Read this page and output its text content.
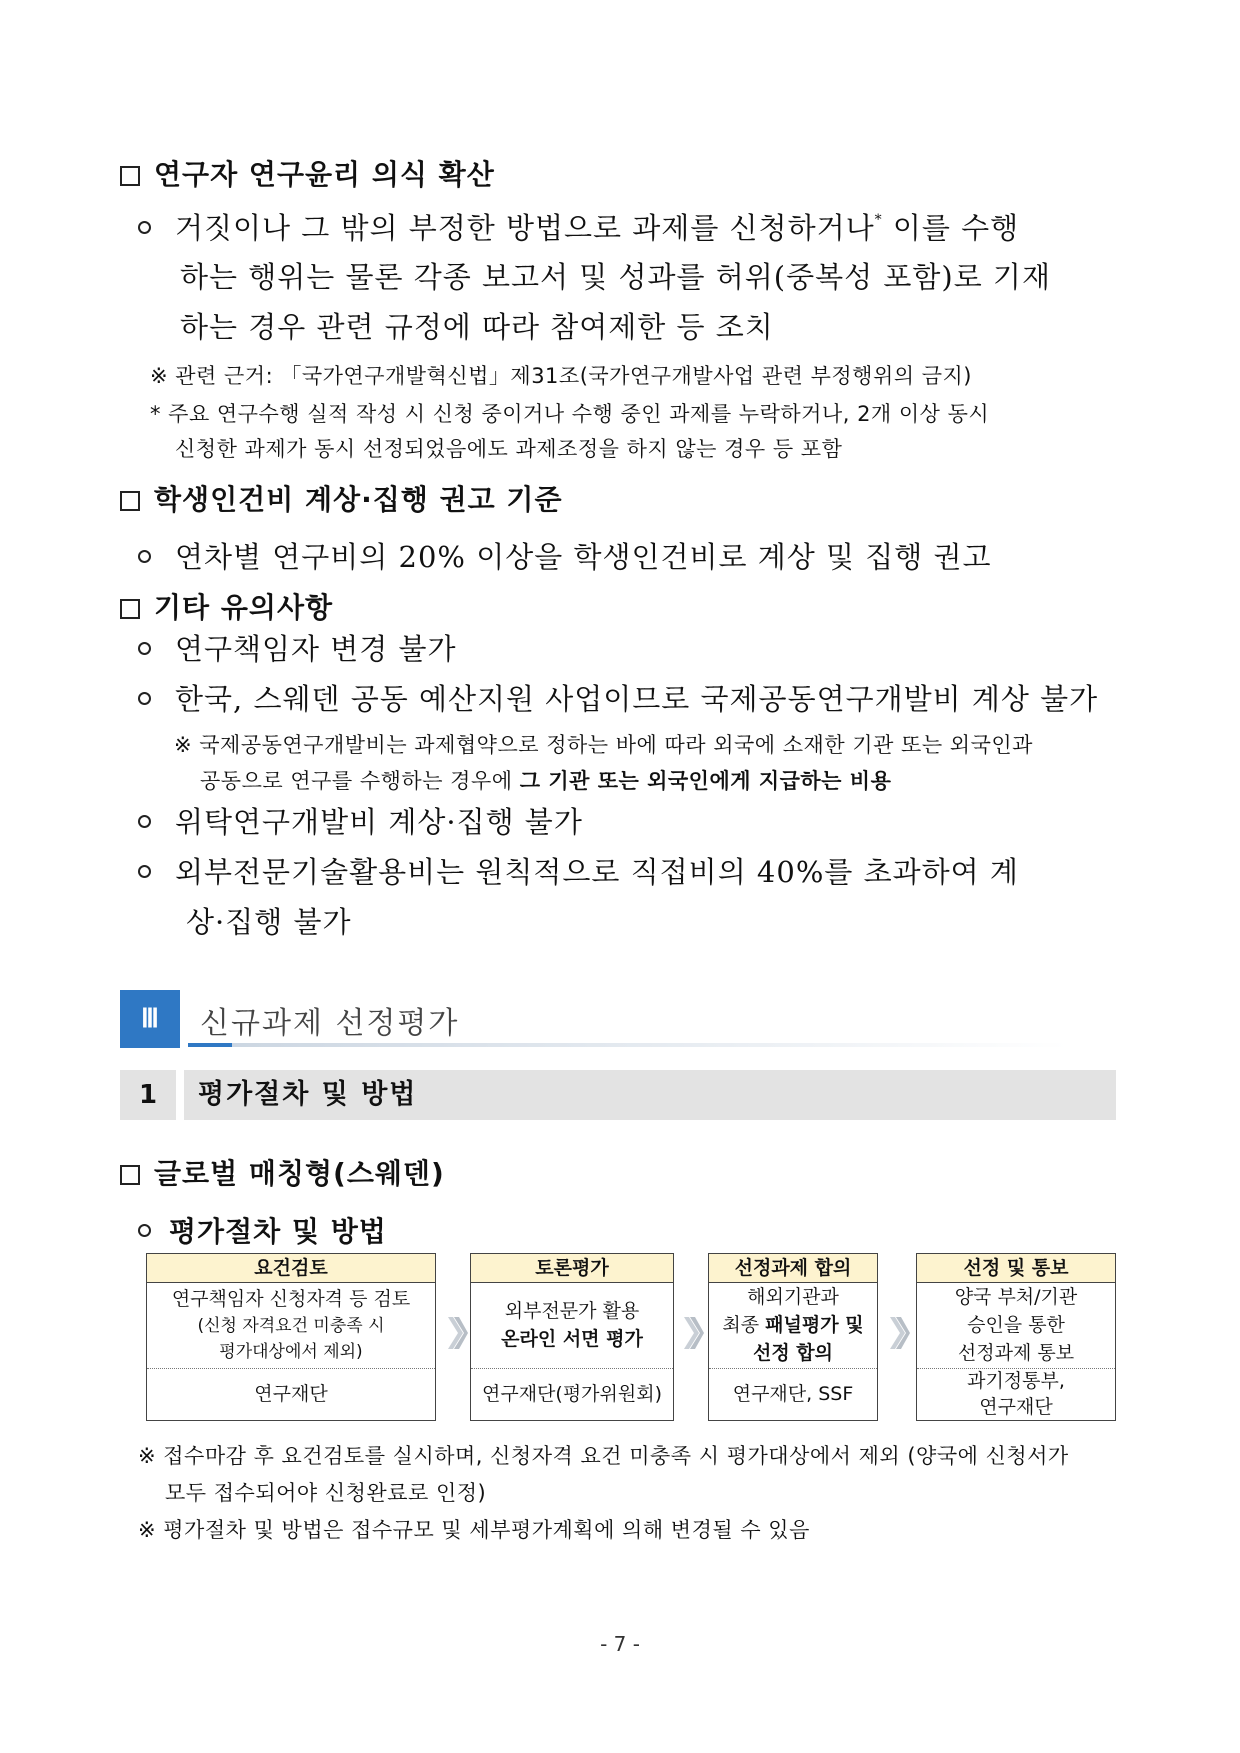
연구자 연구윤리 의식 확산
거짓이나 그 밖의 부정한 방법으로 과제를 신청하거나* 이를 수행
하는 행위는 물론 각종 보고서 및 성과를 허위(중복성 포함)로 기재
하는 경우 관련 규정에 따라 참여제한 등 조치
※ 관련 근거: 「국가연구개발혁신법」제31조(국가연구개발사업 관련 부정행위의 금지)
* 주요 연구수행 실적 작성 시 신청 중이거나 수행 중인 과제를 누락하거나, 2개 이상 동시
신청한 과제가 동시 선정되었음에도 과제조정을 하지 않는 경우 등 포함
학생인건비 계상·집행 권고 기준
연차별 연구비의 20% 이상을 학생인건비로 계상 및 집행 권고
기타 유의사항
연구책임자 변경 불가
한국, 스웨덴 공동 예산지원 사업이므로 국제공동연구개발비 계상 불가
※ 국제공동연구개발비는 과제협약으로 정하는 바에 따라 외국에 소재한 기관 또는 외국인과
공동으로 연구를 수행하는 경우에 그 기관 또는 외국인에게 지급하는 비용
위탁연구개발비 계상·집행 불가
외부전문기술활용비는 원칙적으로 직접비의 40%를 초과하여 계
상·집행 불가
Ⅲ	신규과제 선정평가
1	평가절차 및 방법
글로벌 매칭형(스웨덴)
평가절차 및 방법
요건검토
연구책임자 신청자격 등 검토
(신청 자격요건 미충족 시
평가대상에서 제외)
연구재단
토론평가
외부전문가 활용
온라인 서면 평가
연구재단(평가위원회)
선정과제 합의
해외기관과
최종 패널평가 및
선정 합의
연구재단, SSF
선정 및 통보
양국 부처/기관
승인을 통한
선정과제 통보
과기정통부,
연구재단
※ 접수마감 후 요건검토를 실시하며, 신청자격 요건 미충족 시 평가대상에서 제외 (양국에 신청서가
모두 접수되어야 신청완료로 인정)
※ 평가절차 및 방법은 접수규모 및 세부평가계획에 의해 변경될 수 있음
- 7 -
